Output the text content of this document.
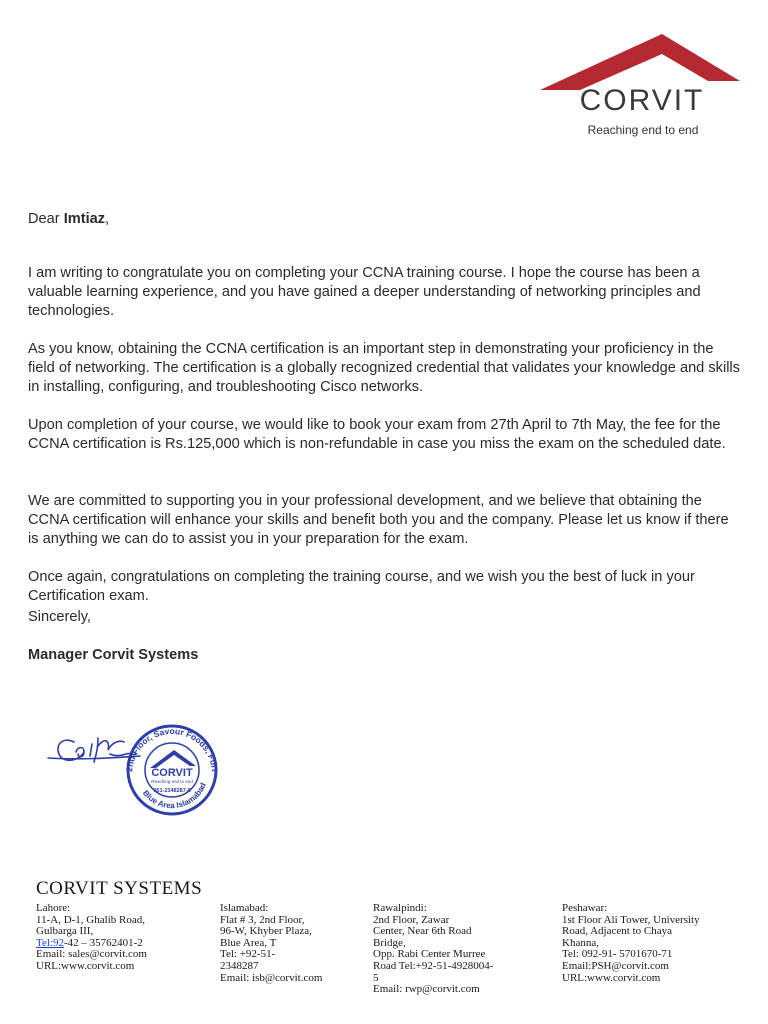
CORVIT
Reaching end to end
Dear Imtiaz,

I am writing to congratulate you on completing your CCNA training course. I hope the course has been a valuable learning experience, and you have gained a deeper understanding of networking principles and technologies.

As you know, obtaining the CCNA certification is an important step in demonstrating your proficiency in the field of networking. The certification is a globally recognized credential that validates your knowledge and skills in installing, configuring, and troubleshooting Cisco networks.

Upon completion of your course, we would like to book your exam from 27th April to 7th May, the fee for the CCNA certification is Rs.125,000 which is non-refundable in case you miss the exam on the scheduled date.

We are committed to supporting you in your professional development, and we believe that obtaining the CCNA certification will enhance your skills and benefit both you and the company. Please let us know if there is anything we can do to assist you in your preparation for the exam.

Once again, congratulations on completing the training course, and we wish you the best of luck in your Certification exam.

Sincerely,
Manager Corvit Systems
2nd Floor, Savour Foods, Fort
Blue Area Islamabad
CORVIT
Reaching end to end
051-2348287-8
CORVIT SYSTEMS
Lahore:
11-A, D-1, Ghalib Road,
Gulbarga III,
Tel:92-42 – 35762401-2
Email: sales@corvit.com
URL:www.corvit.com
Islamabad:
Flat # 3, 2nd Floor,
96-W, Khyber Plaza,
Blue Area, T
Tel: +92-51-
2348287
Email: isb@corvit.com
Rawalpindi:
2nd Floor, Zawar
Center, Near 6th Road
Bridge,
Opp. Rabi Center Murree
Road Tel:+92-51-4928004-
5
Email: rwp@corvit.com
Peshawar:
1st Floor Ali Tower, University
Road, Adjacent to Chaya
Khanna,
Tel: 092-91- 5701670-71
Email:PSH@corvit.com
URL:www.corvit.com
